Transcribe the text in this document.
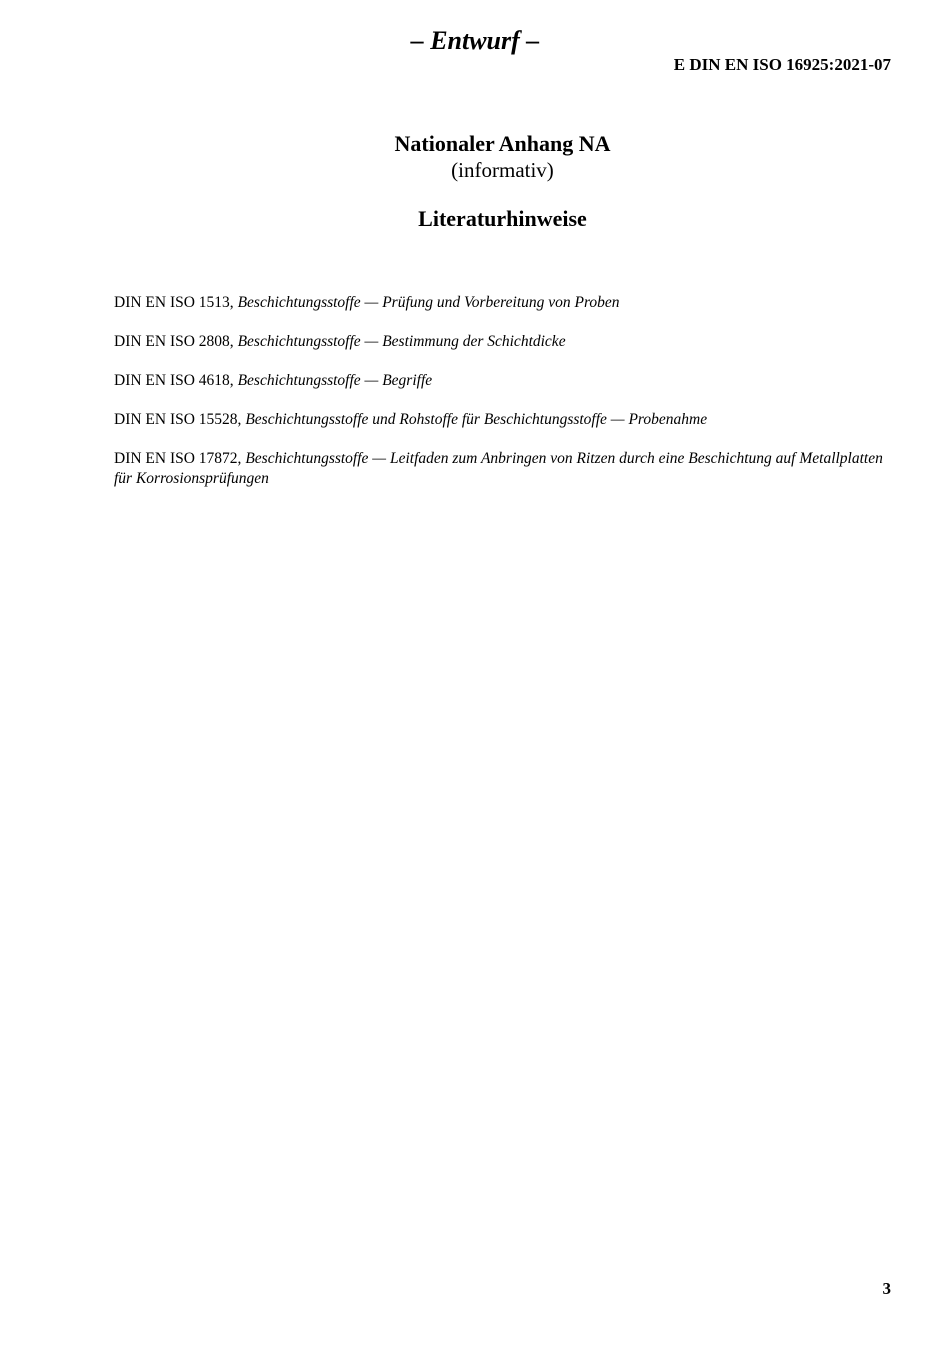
– Entwurf –
E DIN EN ISO 16925:2021-07
Nationaler Anhang NA
(informativ)
Literaturhinweise
DIN EN ISO 1513, Beschichtungsstoffe — Prüfung und Vorbereitung von Proben
DIN EN ISO 2808, Beschichtungsstoffe — Bestimmung der Schichtdicke
DIN EN ISO 4618, Beschichtungsstoffe — Begriffe
DIN EN ISO 15528, Beschichtungsstoffe und Rohstoffe für Beschichtungsstoffe — Probenahme
DIN EN ISO 17872, Beschichtungsstoffe — Leitfaden zum Anbringen von Ritzen durch eine Beschichtung auf Metallplatten für Korrosionsprüfungen
3
